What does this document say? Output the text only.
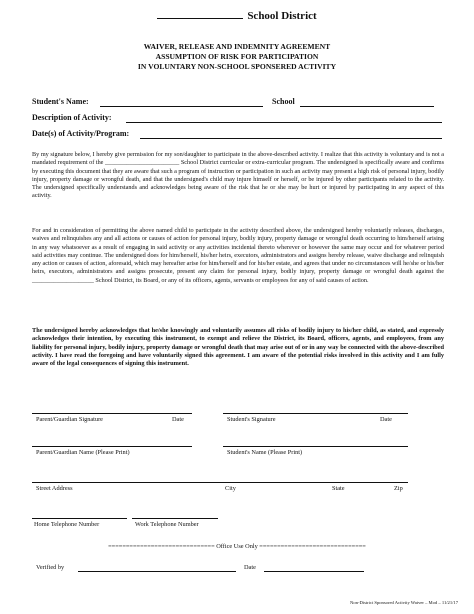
School District
WAIVER, RELEASE AND INDEMNITY AGREEMENT
ASSUMPTION OF RISK FOR PARTICIPATION
IN VOLUNTARY NON-SCHOOL SPONSERED ACTIVITY
Student's Name:	School
Description of Activity:
Date(s) of Activity/Program:
By my signature below, I hereby give permission for my son/daughter to participate in the above-described activity. I realize that this activity is voluntary and is not a mandated requirement of the ________________________ School District curricular or extra-curricular program. The undersigned is specifically aware and confirms by executing this document that they are aware that such a program of instruction or participation in such an activity may present a high risk of personal injury, bodily injury, property damage or wrongful death, and that the undersigned's child may injure himself or herself, or be injured by other participants related to the activity. The undersigned specifically understands and acknowledges being aware of the risk that he or she may be hurt or injured by participating in any aspect of this activity.
For and in consideration of permitting the above named child to participate in the activity described above, the undersigned hereby voluntarily releases, discharges, waives and relinquishes any and all actions or causes of action for personal injury, bodily injury, property damage or wrongful death occurring to him/herself arising in any way whatsoever as a result of engaging in said activity or any activities incidental thereto wherever or however the same may occur and for whatever period said activities may continue. The undersigned does for him/herself, his/her heirs, executors, administrators and assigns hereby release, waive discharge and relinquish any action or causes of action, aforesaid, which may hereafter arise for him/herself and for his/her estate, and agrees that under no circumstances will he/she or his/her heirs, executors, administrators and assigns prosecute, present any claim for personal injury, bodily injury, property damage or wrongful death against the ____________________ School District, its Board, or any of its officers, agents, servants or employees for any of said causes of action.
The undersigned hereby acknowledges that he/she knowingly and voluntarily assumes all risks of bodily injury to his/her child, as stated, and expressly acknowledges their intention, by executing this instrument, to exempt and relieve the District, its Board, officers, agents, and employees, from any liability for personal injury, bodily injury, property damage or wrongful death that may arise out of or in any way be connected with the above-described activity. I have read the foregoing and have voluntarily signed this agreement. I am aware of the potential risks involved in this activity and I am fully aware of the legal consequences of signing this instrument.
Parent/Guardian Signature	Date	Student's Signature	Date
Parent/Guardian Name (Please Print)	Student's Name (Please Print)
Street Address	City	State	Zip
Home Telephone Number	Work Telephone Number
============================== Office Use Only ==============================
Verified by	Date
Non-District Sponsored Activity Waiver – Mod – 11/21/17
